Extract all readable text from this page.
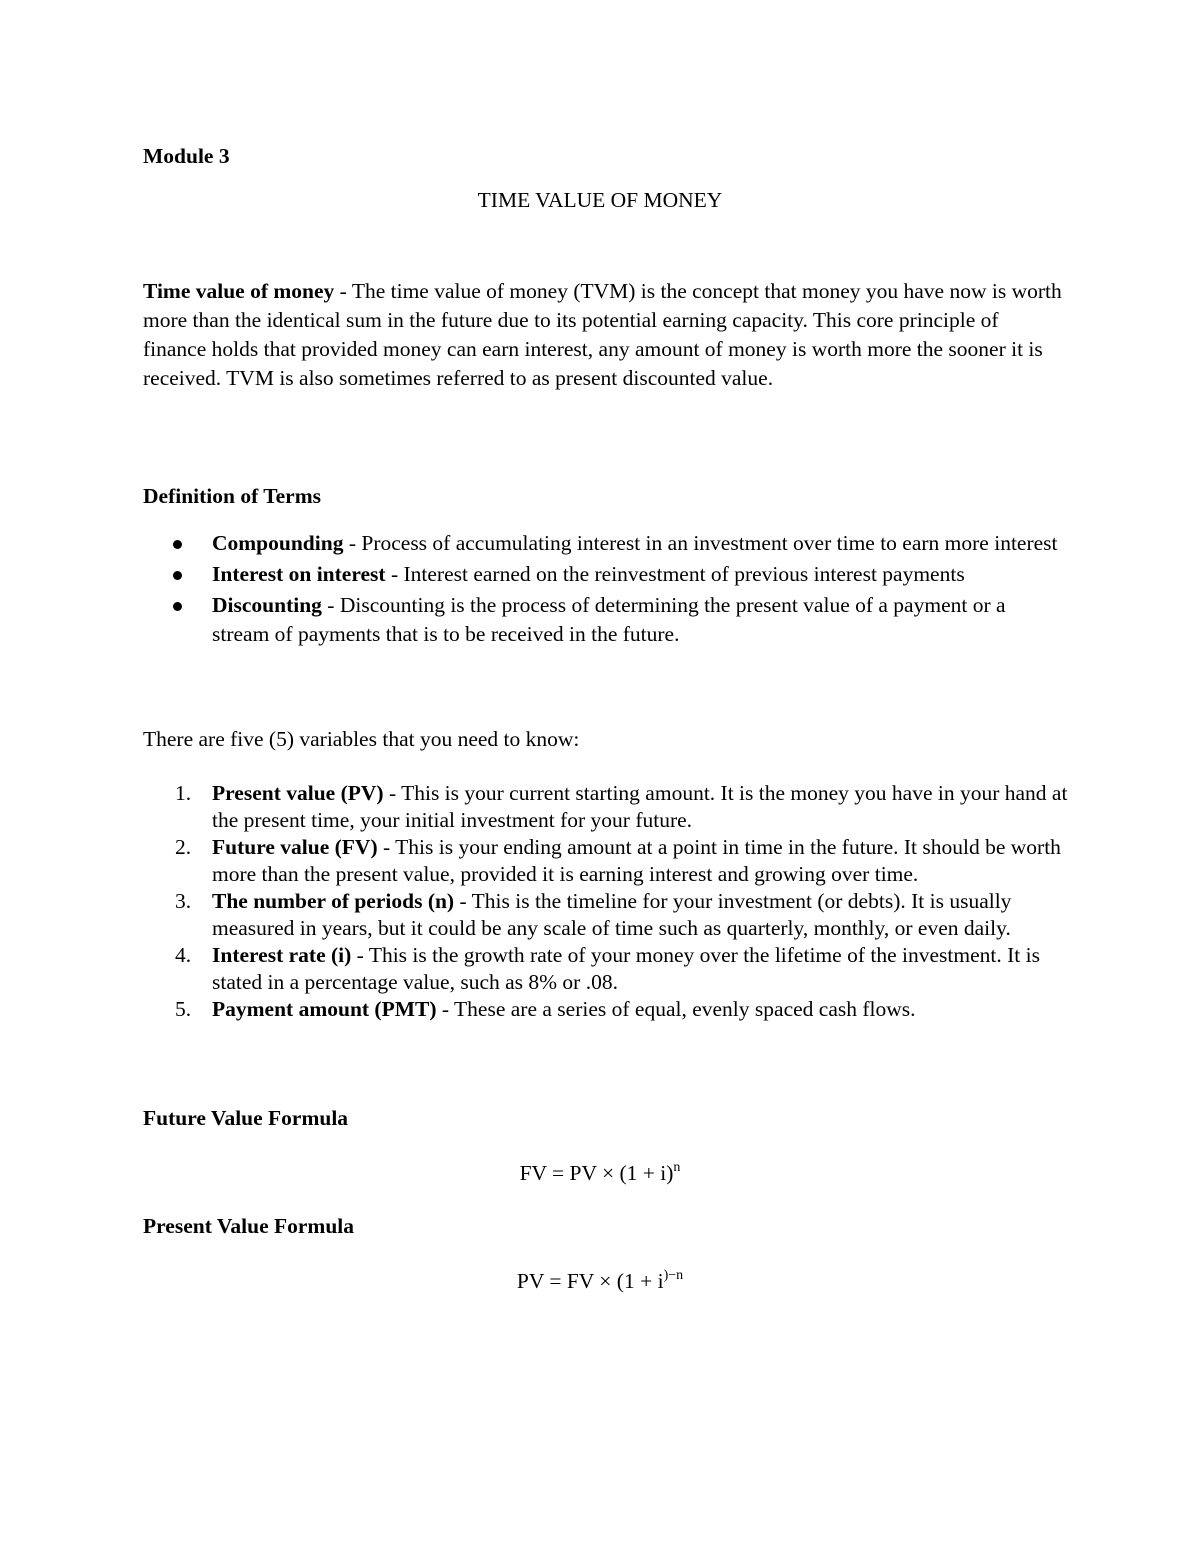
Module 3
TIME VALUE OF MONEY
Time value of money - The time value of money (TVM) is the concept that money you have now is worth more than the identical sum in the future due to its potential earning capacity. This core principle of finance holds that provided money can earn interest, any amount of money is worth more the sooner it is received. TVM is also sometimes referred to as present discounted value.
Definition of Terms
Compounding - Process of accumulating interest in an investment over time to earn more interest
Interest on interest - Interest earned on the reinvestment of previous interest payments
Discounting - Discounting is the process of determining the present value of a payment or a stream of payments that is to be received in the future.
There are five (5) variables that you need to know:
1. Present value (PV) - This is your current starting amount. It is the money you have in your hand at the present time, your initial investment for your future.
2. Future value (FV) - This is your ending amount at a point in time in the future. It should be worth more than the present value, provided it is earning interest and growing over time.
3. The number of periods (n) - This is the timeline for your investment (or debts). It is usually measured in years, but it could be any scale of time such as quarterly, monthly, or even daily.
4. Interest rate (i) - This is the growth rate of your money over the lifetime of the investment. It is stated in a percentage value, such as 8% or .08.
5. Payment amount (PMT) - These are a series of equal, evenly spaced cash flows.
Future Value Formula
FV = PV × $(1 + i)^n$
Present Value Formula
PV = FV × ($1 + i^{)-n}$
